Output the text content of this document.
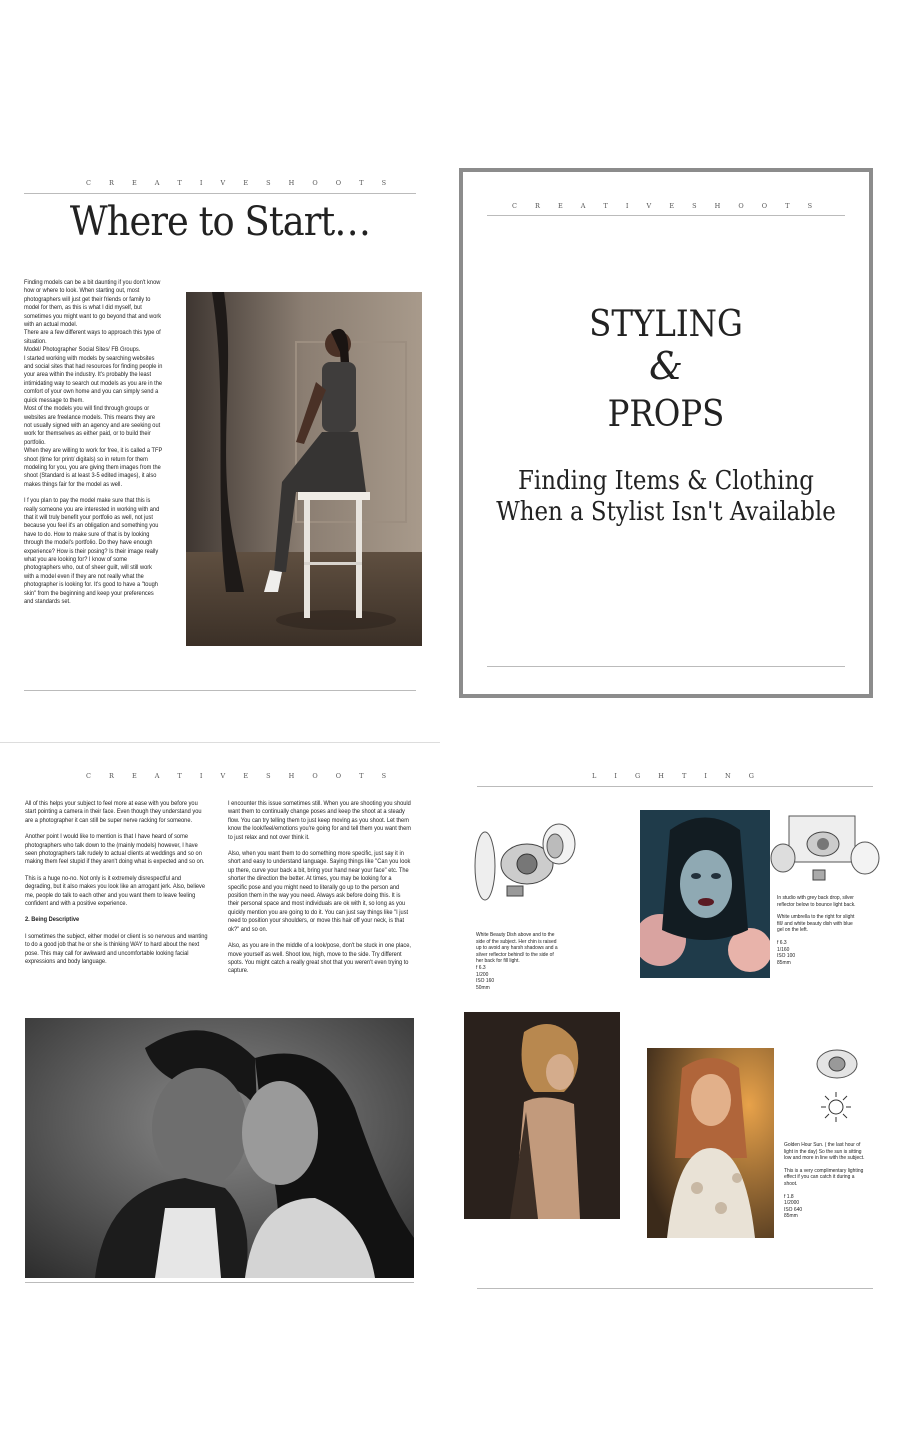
C R E A T I V E S H O O T S
Where to Start…

Finding models can be a bit daunting if you don't know how or where to look. When starting out, most photographers will just get their friends or family to model for them, as this is what I did myself, but sometimes you might want to go beyond that and work with an actual model.

There are a few different ways to approach this type of situation.

Model/ Photographer Social Sites/ FB Groups.

I started working with models by searching websites and social sites that had resources for finding people in your area within the industry. It's probably the least intimidating way to search out models as you are in the comfort of your own home and you can simply send a quick message to them.

Most of the models you will find through groups or websites are freelance models. This means they are not usually signed with an agency and are seeking out work for themselves as either paid, or to build their portfolio.

When they are willing to work for free, it is called a TFP shoot (time for print/ digitals) so in return for them modeling for you, you are giving them images from the shoot (Standard is at least 3-5 edited images), it also makes things fair for the model as well.

I f you plan to pay the model make sure that this is really someone you are interested in working with and that it will truly benefit your portfolio as well, not just because you feel it's an obligation and something you have to do. How to make sure of that is by looking through the model's portfolio. Do they have enough experience? How is their posing? Is their image really what you are looking for? I know of some photographers who, out of sheer guilt, will still work with a model even if they are not really what the photographer is looking for. It's good to have a "tough skin" from the beginning and keep your preferences and standards set.

C R E A T I V E S H O O T S
STYLING
&
PROPS
Finding Items & Clothing
When a Stylist Isn't Available
C R E A T I V E S H O O T S

All of this helps your subject to feel more at ease with you before you start pointing a camera in their face. Even though they understand you are a photographer it can still be super nerve racking for someone.

Another point I would like to mention is that I have heard of some photographers who talk down to the (mainly models) however, I have seen photographers talk rudely to actual clients at weddings and so on making them feel stupid if they aren't doing what is expected and so on.

This is a huge no-no. Not only is it extremely disrespectful and degrading, but it also makes you look like an arrogant jerk. Also, believe me, people do talk to each other and you want them to leave feeling confident and with a positive experience.

2. Being Descriptive

I sometimes the subject, either model or client is so nervous and wanting to do a good job that he or she is thinking WAY to hard about the next pose. This may call for awkward and uncomfortable looking facial expressions and body language.

I encounter this issue sometimes still. When you are shooting you should want them to continually change poses and keep the shoot at a steady flow. You can try telling them to just keep moving as you shoot. Let them know the look/feel/emotions you're going for and tell them you want them to just relax and not over think it.

Also, when you want them to do something more specific, just say it in short and easy to understand language. Saying things like "Can you look up there, curve your back a bit, bring your hand near your face" etc. The shorter the direction the better. At times, you may be looking for a specific pose and you might need to literally go up to the person and position them in the way you need. Always ask before doing this. It is their personal space and most individuals are ok with it, so long as you quickly mention you are going to do it. You can just say things like "I just need to position your shoulders, or move this hair off your neck, is that ok?" and so on.

Also, as you are in the middle of a look/pose, don't be stuck in one place, move yourself as well. Shoot low, high, move to the side. Try different spots. You might catch a really great shot that you weren't even trying to capture.

L I G H T I N G
White Beauty Dish above and to the
side of the subject. Her chin is raised
up to avoid any harsh shadows and a
silver reflector behind/ to the side of
her back for fill light.
f 6.3
1/200
ISO 160
50mm
In studio with grey back drop, silver
reflector below to bounce light back.
White umbrella to the right for slight
fill/ and white beauty dish with blue
gel on the left.
f 6.3
1/160
ISO 100
85mm
Golden Hour Sun. ( the last hour of
light in the day) So the sun is sitting
low and more in line with the subject.
This is a very complimentary lighting
effect if you can catch it during a
shoot.
f 1.8
1/2000
ISO 640
85mm
